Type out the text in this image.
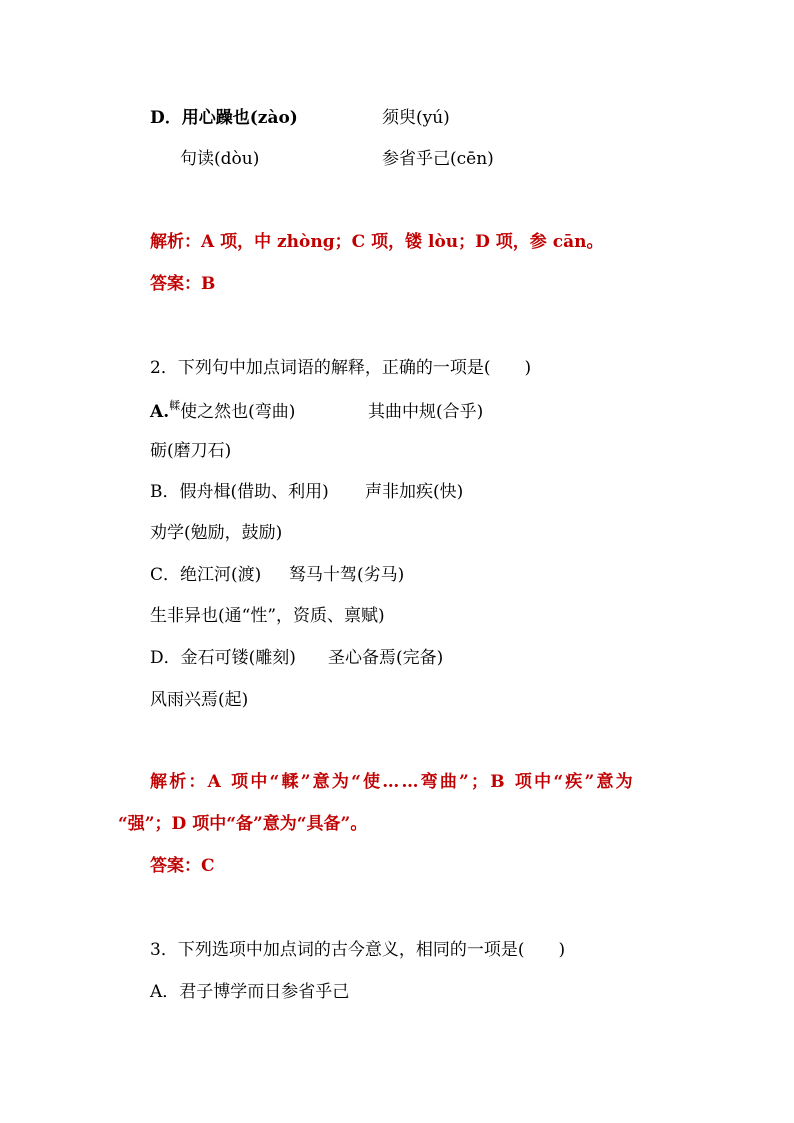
D．用心躁也(zào)	须臾(yú)
句读(dòu)	参省乎己(cēn)
解析：A 项，中 zhònɡ；C 项，镂 lòu；D 项，参 cān。
答案：B
2．下列句中加点词语的解释，正确的一项是(　　)
A.$^輮$使之然也(弯曲)	其曲中规(合乎)
砺(磨刀石)
B．假舟楫(借助、利用) 声非加疾(快)
劝学(勉励，鼓励)
C．绝江河(渡) 驽马十驾(劣马)
生非异也(通“性”，资质、禀赋)
D．金石可镂(雕刻) 圣心备焉(完备)
风雨兴焉(起)
解析：A 项中“輮”意为“使……弯曲”；B 项中“疾”意为
“强”；D 项中“备”意为“具备”。
答案：C
3．下列选项中加点词的古今意义，相同的一项是(　　)
A．君子博学而日参省乎己
